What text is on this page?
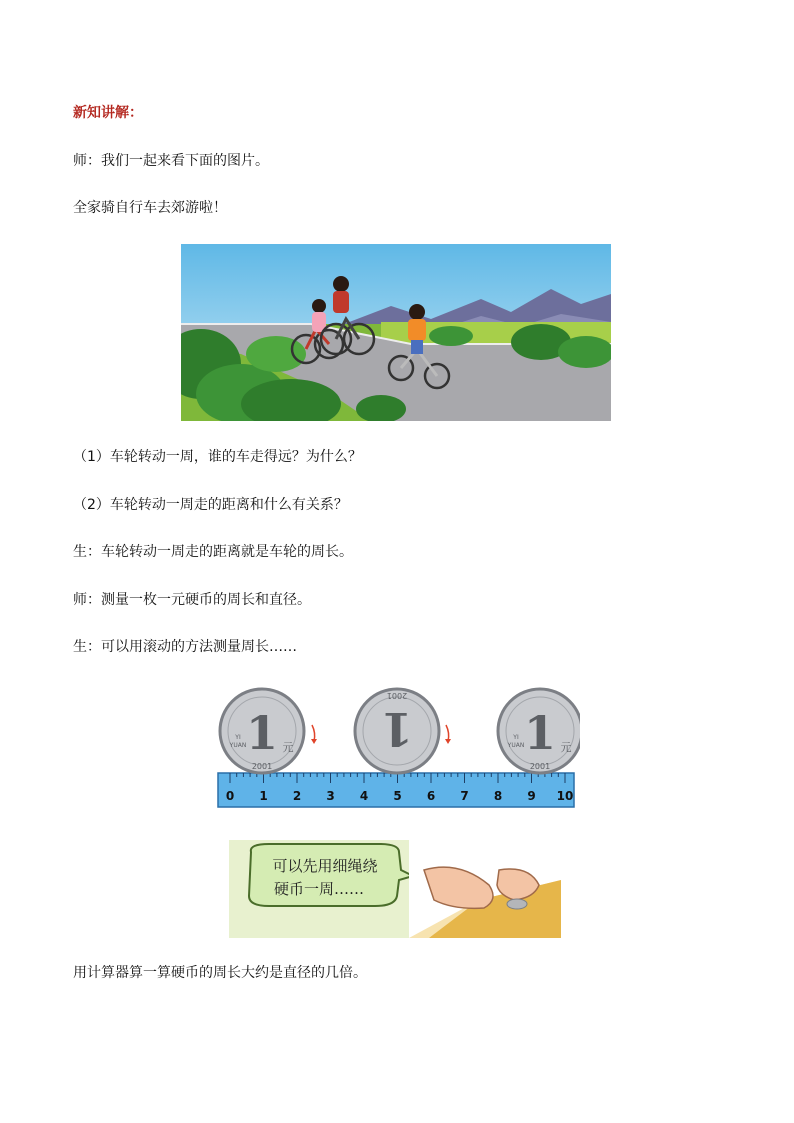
新知讲解：
师：我们一起来看下面的图片。
全家骑自行车去郊游啦！
（1）车轮转动一周，谁的车走得远？为什么？
（2）车轮转动一周走的距离和什么有关系？
生：车轮转动一周走的距离就是车轮的周长。
师：测量一枚一元硬币的周长和直径。
生：可以用滚动的方法测量周长……
0 1 2 3 4 5 6 7 8 9 10
1 元
YI
YUAN
2001
1
2001
1 元
YI
YUAN
2001
可以先用细绳绕
硬币一周……
用计算器算一算硬币的周长大约是直径的几倍。
